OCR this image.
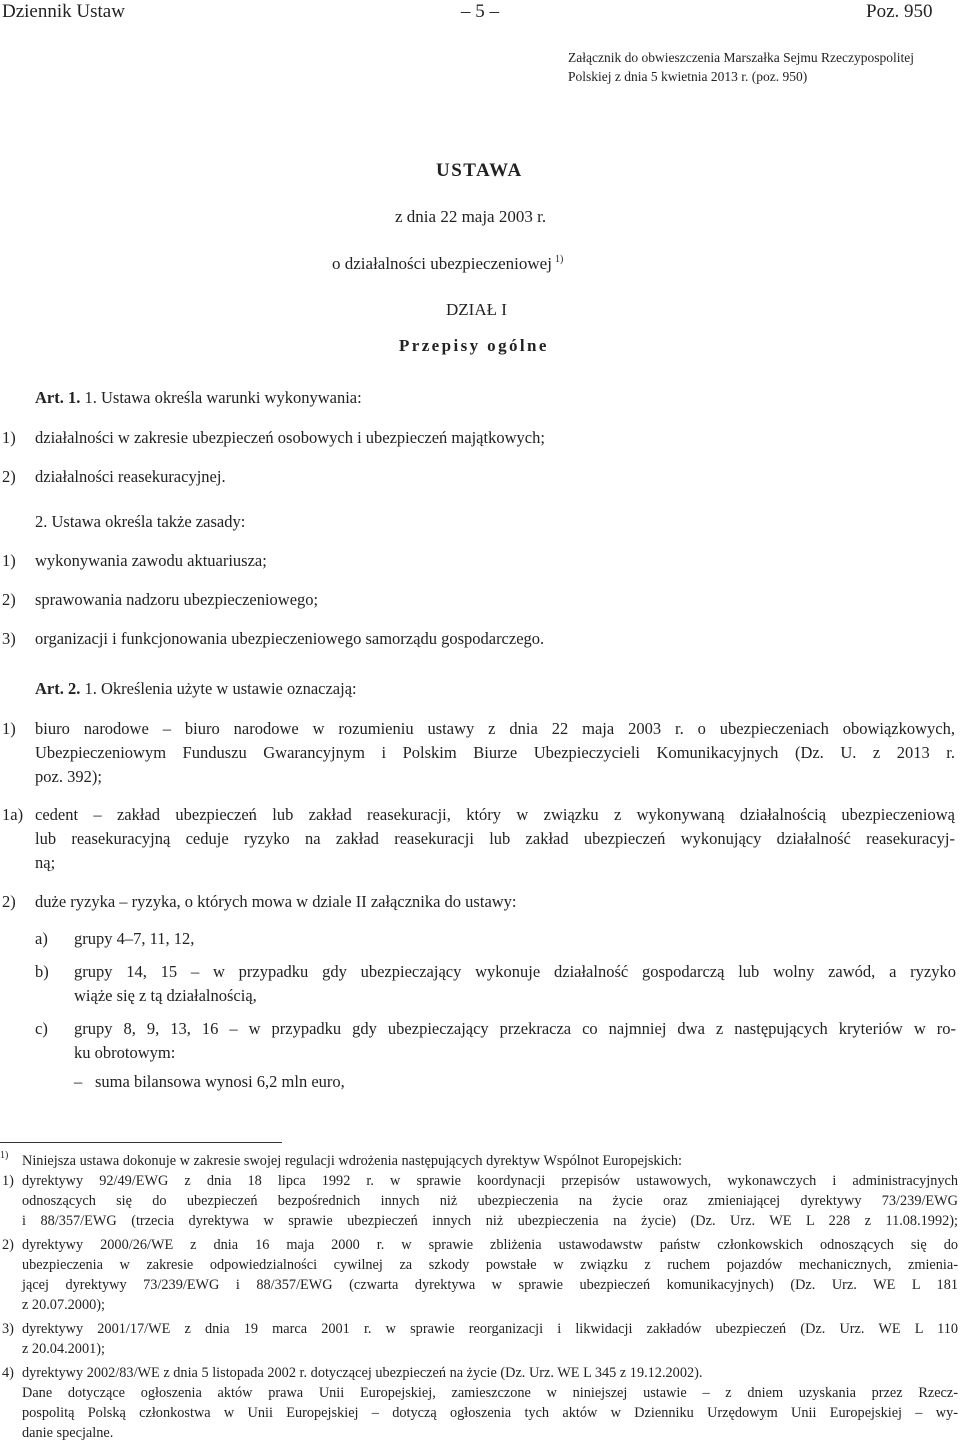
Dziennik Ustaw	– 5 –	Poz. 950
Załącznik do obwieszczenia Marszałka Sejmu Rzeczypospolitej
Polskiej z dnia 5 kwietnia 2013 r. (poz. 950)
USTAWA
z dnia 22 maja 2003 r.
o działalności ubezpieczeniowej $^{1)}$
DZIAŁ I
Przepisy ogólne
Art. 1. 1. Ustawa określa warunki wykonywania:
1) działalności w zakresie ubezpieczeń osobowych i ubezpieczeń majątkowych;
2) działalności reasekuracyjnej.
2. Ustawa określa także zasady:
1) wykonywania zawodu aktuariusza;
2) sprawowania nadzoru ubezpieczeniowego;
3) organizacji i funkcjonowania ubezpieczeniowego samorządu gospodarczego.
Art. 2. 1. Określenia użyte w ustawie oznaczają:
1) biuro narodowe – biuro narodowe w rozumieniu ustawy z dnia 22 maja 2003 r. o ubezpieczeniach obowiązkowych,
Ubezpieczeniowym Funduszu Gwarancyjnym i Polskim Biurze Ubezpieczycieli Komunikacyjnych (Dz. U. z 2013 r.
poz. 392);
1a) cedent – zakład ubezpieczeń lub zakład reasekuracji, który w związku z wykonywaną działalnością ubezpieczeniową
lub reasekuracyjną ceduje ryzyko na zakład reasekuracji lub zakład ubezpieczeń wykonujący działalność reasekuracyj-
ną;
2) duże ryzyka – ryzyka, o których mowa w dziale II załącznika do ustawy:
a) grupy 4–7, 11, 12,
b) grupy 14, 15 – w przypadku gdy ubezpieczający wykonuje działalność gospodarczą lub wolny zawód, a ryzyko
wiąże się z tą działalnością,
c) grupy 8, 9, 13, 16 – w przypadku gdy ubezpieczający przekracza co najmniej dwa z następujących kryteriów w ro-
ku obrotowym:
– suma bilansowa wynosi 6,2 mln euro,
1) Niniejsza ustawa dokonuje w zakresie swojej regulacji wdrożenia następujących dyrektyw Wspólnot Europejskich:
1) dyrektywy 92/49/EWG z dnia 18 lipca 1992 r. w sprawie koordynacji przepisów ustawowych, wykonawczych i administracyjnych
odnoszących się do ubezpieczeń bezpośrednich innych niż ubezpieczenia na życie oraz zmieniającej dyrektywy 73/239/EWG
i 88/357/EWG (trzecia dyrektywa w sprawie ubezpieczeń innych niż ubezpieczenia na życie) (Dz. Urz. WE L 228 z 11.08.1992);
2) dyrektywy 2000/26/WE z dnia 16 maja 2000 r. w sprawie zbliżenia ustawodawstw państw członkowskich odnoszących się do
ubezpieczenia w zakresie odpowiedzialności cywilnej za szkody powstałe w związku z ruchem pojazdów mechanicznych, zmienia-
jącej dyrektywy 73/239/EWG i 88/357/EWG (czwarta dyrektywa w sprawie ubezpieczeń komunikacyjnych) (Dz. Urz. WE L 181
z 20.07.2000);
3) dyrektywy 2001/17/WE z dnia 19 marca 2001 r. w sprawie reorganizacji i likwidacji zakładów ubezpieczeń (Dz. Urz. WE L 110
z 20.04.2001);
4) dyrektywy 2002/83/WE z dnia 5 listopada 2002 r. dotyczącej ubezpieczeń na życie (Dz. Urz. WE L 345 z 19.12.2002).
Dane dotyczące ogłoszenia aktów prawa Unii Europejskiej, zamieszczone w niniejszej ustawie – z dniem uzyskania przez Rzecz-
pospolitą Polską członkostwa w Unii Europejskiej – dotyczą ogłoszenia tych aktów w Dzienniku Urzędowym Unii Europejskiej – wy-
danie specjalne.
